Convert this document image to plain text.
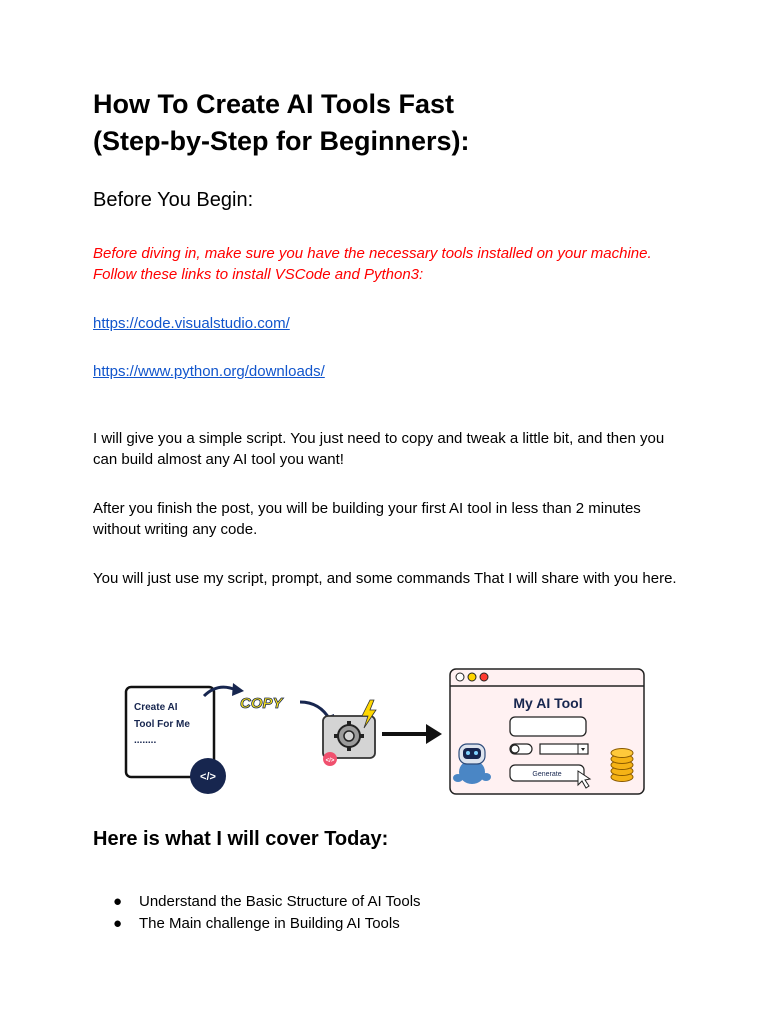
How To Create AI Tools Fast
(Step-by-Step for Beginners):
Before You Begin:

Before diving in, make sure you have the necessary tools installed on your machine. Follow these links to install VSCode and Python3:

https://code.visualstudio.com/

https://www.python.org/downloads/

I will give you a simple script. You just need to copy and tweak a little bit, and then you can build almost any AI tool you want!

After you finish the post, you will be building your first AI tool in less than 2 minutes without writing any code.

You will just use my script, prompt, and some commands That I will share with you here.

Here is what I will cover Today:
● Understand the Basic Structure of AI Tools
● The Main challenge in Building AI Tools
Create AI
Tool For Me
........
</>
COPY
</>
My AI Tool
Generate
